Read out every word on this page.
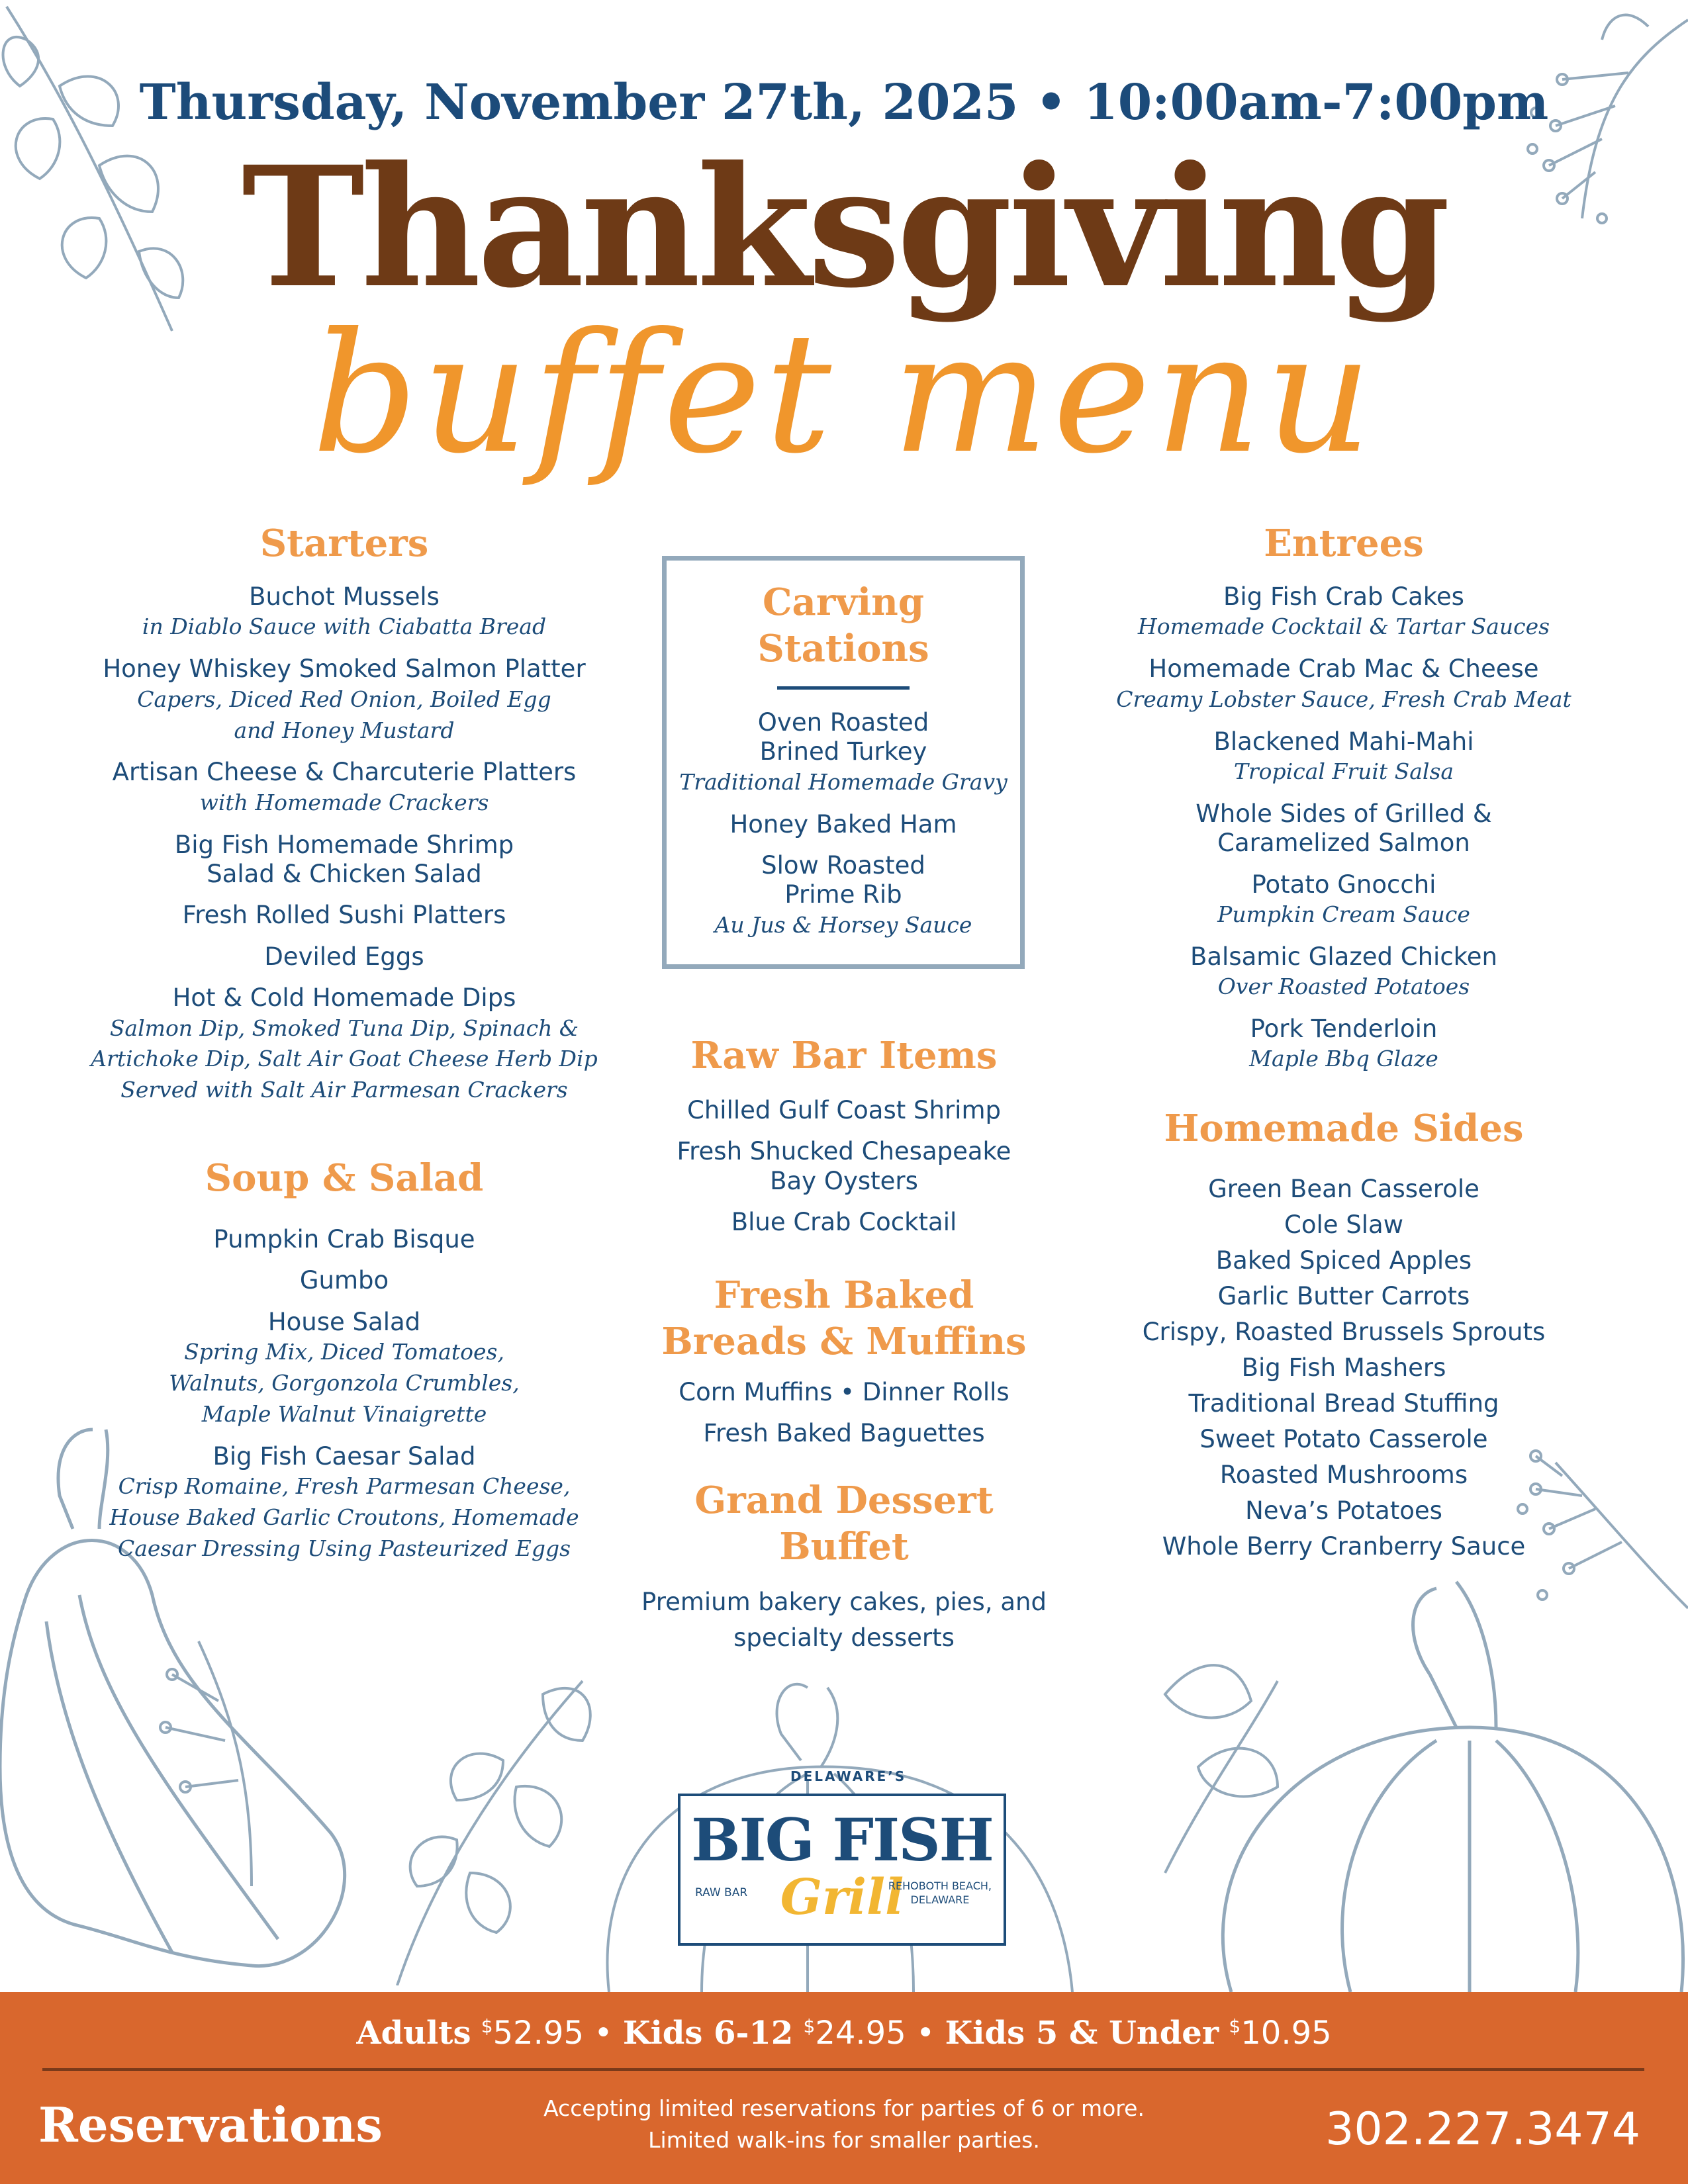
Thursday, November 27th, 2025 • 10:00am-7:00pm
Thanksgiving
buffet menu
Starters
Buchot Mussels
in Diablo Sauce with Ciabatta Bread
Honey Whiskey Smoked Salmon Platter
Capers, Diced Red Onion, Boiled Egg
and Honey Mustard
Artisan Cheese & Charcuterie Platters
with Homemade Crackers
Big Fish Homemade Shrimp
Salad & Chicken Salad
Fresh Rolled Sushi Platters
Deviled Eggs
Hot & Cold Homemade Dips
Salmon Dip, Smoked Tuna Dip, Spinach &
Artichoke Dip, Salt Air Goat Cheese Herb Dip
Served with Salt Air Parmesan Crackers
Soup & Salad
Pumpkin Crab Bisque
Gumbo
House Salad
Spring Mix, Diced Tomatoes,
Walnuts, Gorgonzola Crumbles,
Maple Walnut Vinaigrette
Big Fish Caesar Salad
Crisp Romaine, Fresh Parmesan Cheese,
House Baked Garlic Croutons, Homemade
Caesar Dressing Using Pasteurized Eggs
Carving
Stations
Oven Roasted
Brined Turkey
Traditional Homemade Gravy
Honey Baked Ham
Slow Roasted
Prime Rib
Au Jus & Horsey Sauce
Raw Bar Items
Chilled Gulf Coast Shrimp
Fresh Shucked Chesapeake
Bay Oysters
Blue Crab Cocktail
Fresh Baked
Breads & Muffins
Corn Muffins • Dinner Rolls
Fresh Baked Baguettes
Grand Dessert
Buffet
Premium bakery cakes, pies, and
specialty desserts
Entrees
Big Fish Crab Cakes
Homemade Cocktail & Tartar Sauces
Homemade Crab Mac & Cheese
Creamy Lobster Sauce, Fresh Crab Meat
Blackened Mahi-Mahi
Tropical Fruit Salsa
Whole Sides of Grilled &
Caramelized Salmon
Potato Gnocchi
Pumpkin Cream Sauce
Balsamic Glazed Chicken
Over Roasted Potatoes
Pork Tenderloin
Maple Bbq Glaze
Homemade Sides
Green Bean Casserole
Cole Slaw
Baked Spiced Apples
Garlic Butter Carrots
Crispy, Roasted Brussels Sprouts
Big Fish Mashers
Traditional Bread Stuffing
Sweet Potato Casserole
Roasted Mushrooms
Neva’s Potatoes
Whole Berry Cranberry Sauce
DELAWARE’S
BIG FISH
Grill
RAW BAR
REHOBOTH BEACH,
DELAWARE
Adults $52.95 • Kids 6-12 $24.95 • Kids 5 & Under $10.95
Reservations	Accepting limited reservations for parties of 6 or more.
Limited walk-ins for smaller parties.	302.227.3474
